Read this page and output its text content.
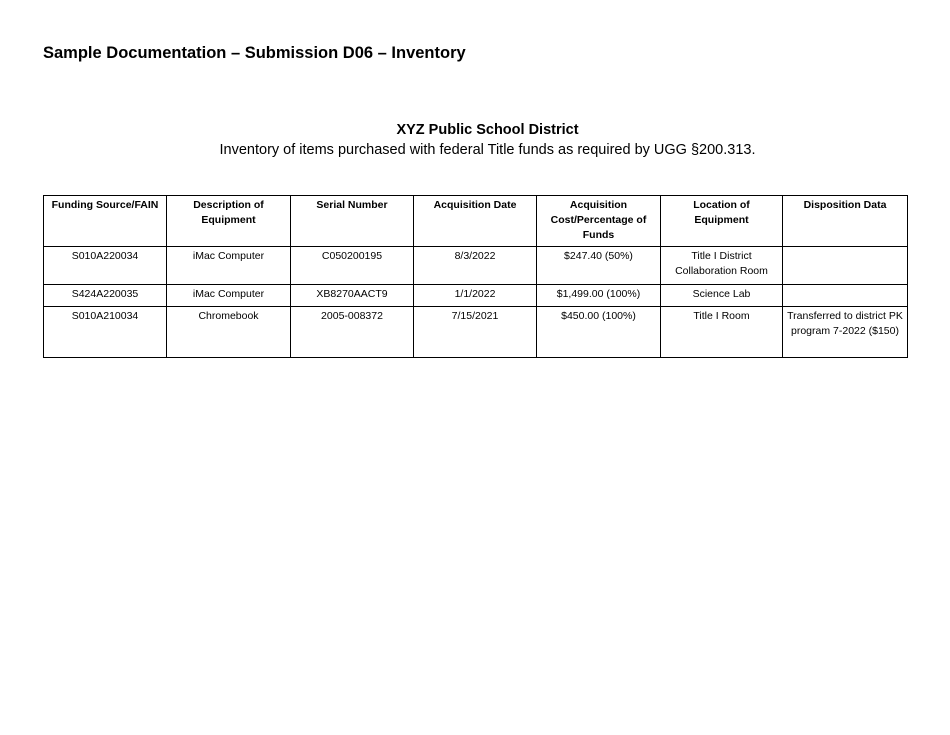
Sample Documentation – Submission D06 – Inventory
XYZ Public School District
Inventory of items purchased with federal Title funds as required by UGG §200.313.
Funding Source/FAIN	Description of Equipment	Serial Number	Acquisition Date	Acquisition Cost/Percentage of Funds	Location of Equipment	Disposition Data
S010A220034	iMac Computer	C050200195	8/3/2022	$247.40 (50%)	Title I District Collaboration Room	
S424A220035	iMac Computer	XB8270AACT9	1/1/2022	$1,499.00 (100%)	Science Lab	
S010A210034	Chromebook	2005-008372	7/15/2021	$450.00 (100%)	Title I Room	Transferred to district PK program 7-2022 ($150)
